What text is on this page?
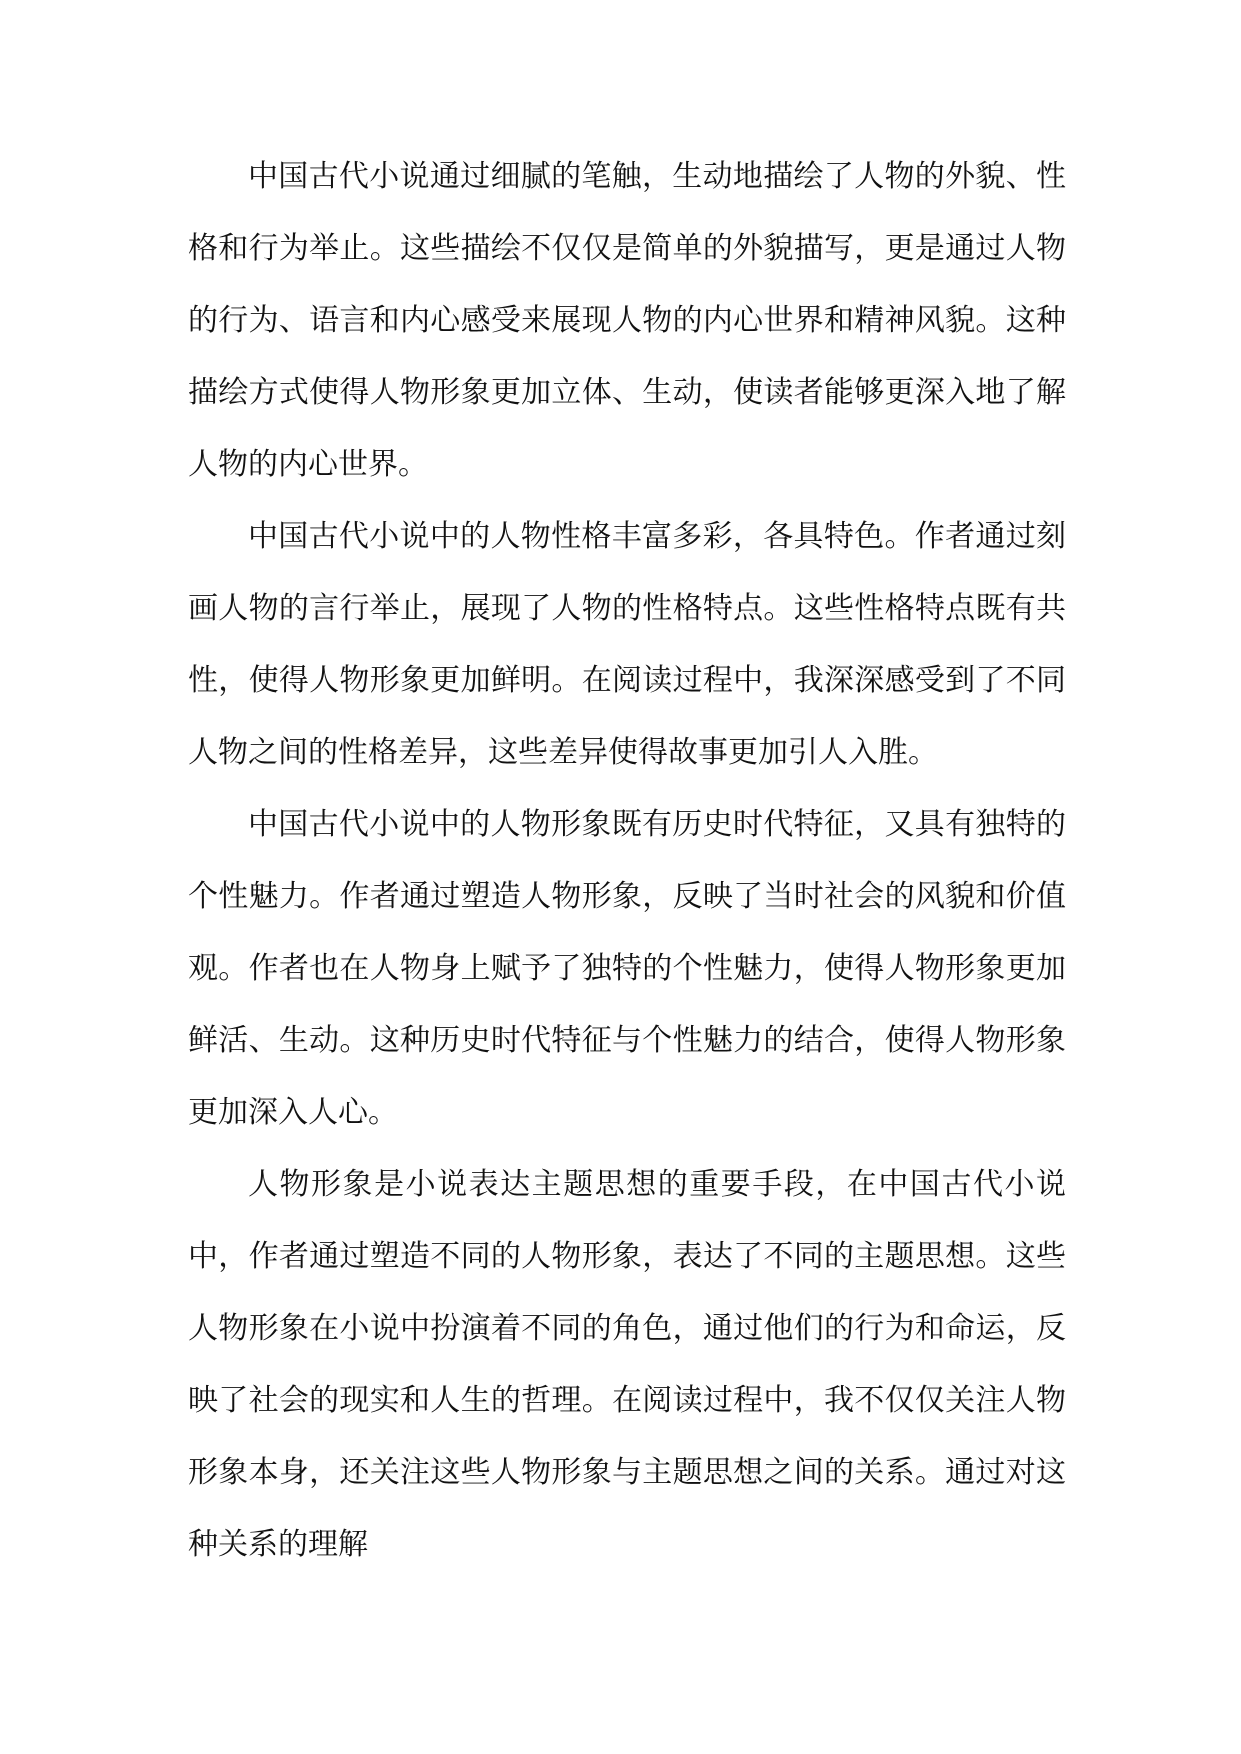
中国古代小说通过细腻的笔触，生动地描绘了人物的外貌、性格和行为举止。这些描绘不仅仅是简单的外貌描写，更是通过人物的行为、语言和内心感受来展现人物的内心世界和精神风貌。这种描绘方式使得人物形象更加立体、生动，使读者能够更深入地了解人物的内心世界。

中国古代小说中的人物性格丰富多彩，各具特色。作者通过刻画人物的言行举止，展现了人物的性格特点。这些性格特点既有共性，使得人物形象更加鲜明。在阅读过程中，我深深感受到了不同人物之间的性格差异，这些差异使得故事更加引人入胜。

中国古代小说中的人物形象既有历史时代特征，又具有独特的个性魅力。作者通过塑造人物形象，反映了当时社会的风貌和价值观。作者也在人物身上赋予了独特的个性魅力，使得人物形象更加鲜活、生动。这种历史时代特征与个性魅力的结合，使得人物形象更加深入人心。

人物形象是小说表达主题思想的重要手段，在中国古代小说中，作者通过塑造不同的人物形象，表达了不同的主题思想。这些人物形象在小说中扮演着不同的角色，通过他们的行为和命运，反映了社会的现实和人生的哲理。在阅读过程中，我不仅仅关注人物形象本身，还关注这些人物形象与主题思想之间的关系。通过对这种关系的理解
